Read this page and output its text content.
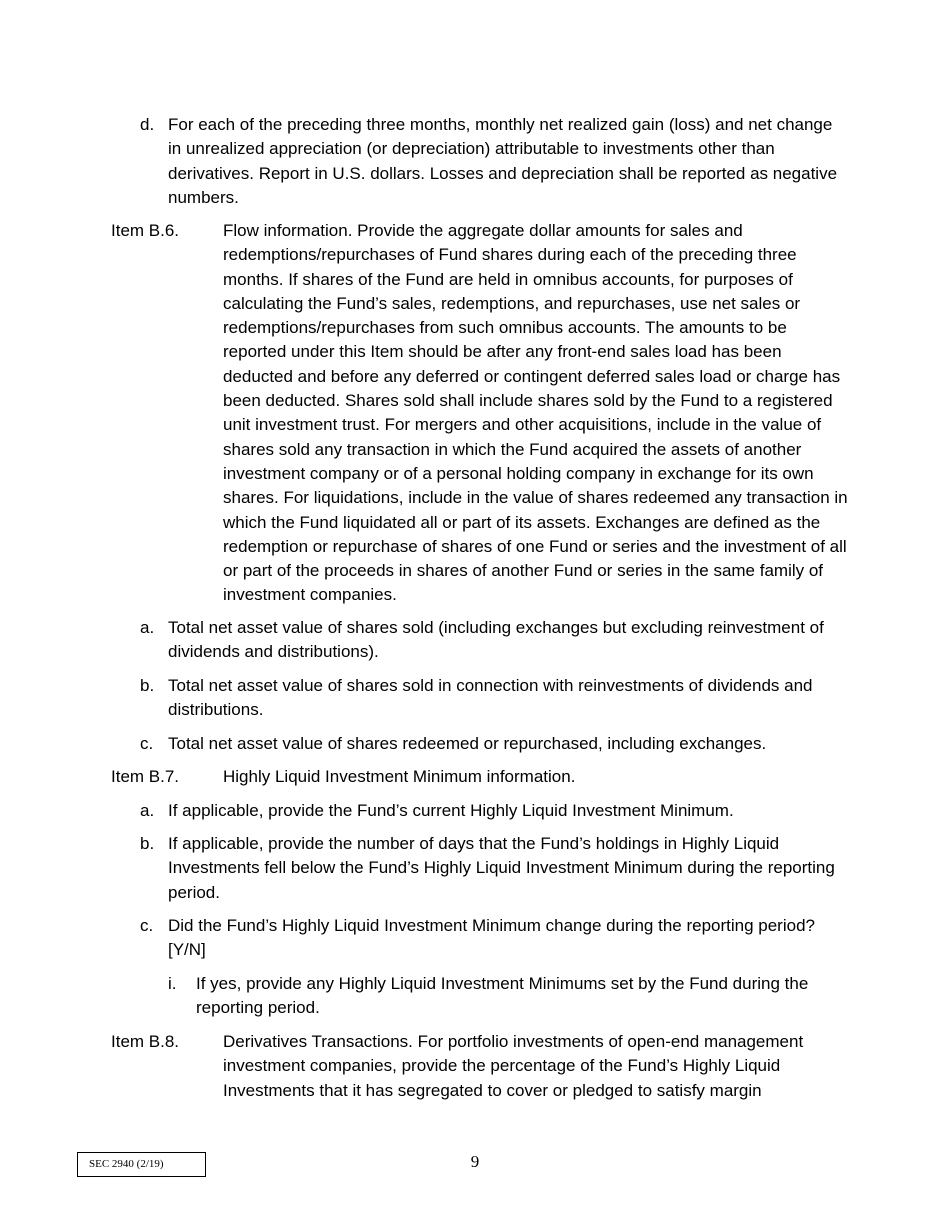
d. For each of the preceding three months, monthly net realized gain (loss) and net change in unrealized appreciation (or depreciation) attributable to investments other than derivatives. Report in U.S. dollars. Losses and depreciation shall be reported as negative numbers.
Item B.6.	Flow information. Provide the aggregate dollar amounts for sales and redemptions/repurchases of Fund shares during each of the preceding three months. If shares of the Fund are held in omnibus accounts, for purposes of calculating the Fund’s sales, redemptions, and repurchases, use net sales or redemptions/repurchases from such omnibus accounts. The amounts to be reported under this Item should be after any front-end sales load has been deducted and before any deferred or contingent deferred sales load or charge has been deducted. Shares sold shall include shares sold by the Fund to a registered unit investment trust. For mergers and other acquisitions, include in the value of shares sold any transaction in which the Fund acquired the assets of another investment company or of a personal holding company in exchange for its own shares. For liquidations, include in the value of shares redeemed any transaction in which the Fund liquidated all or part of its assets. Exchanges are defined as the redemption or repurchase of shares of one Fund or series and the investment of all or part of the proceeds in shares of another Fund or series in the same family of investment companies.
a. Total net asset value of shares sold (including exchanges but excluding reinvestment of dividends and distributions).
b. Total net asset value of shares sold in connection with reinvestments of dividends and distributions.
c. Total net asset value of shares redeemed or repurchased, including exchanges.
Item B.7.	Highly Liquid Investment Minimum information.
a. If applicable, provide the Fund’s current Highly Liquid Investment Minimum.
b. If applicable, provide the number of days that the Fund’s holdings in Highly Liquid Investments fell below the Fund’s Highly Liquid Investment Minimum during the reporting period.
c. Did the Fund’s Highly Liquid Investment Minimum change during the reporting period? [Y/N]
i. If yes, provide any Highly Liquid Investment Minimums set by the Fund during the reporting period.
Item B.8.	Derivatives Transactions. For portfolio investments of open-end management investment companies, provide the percentage of the Fund’s Highly Liquid Investments that it has segregated to cover or pledged to satisfy margin
SEC 2940 (2/19)	9
